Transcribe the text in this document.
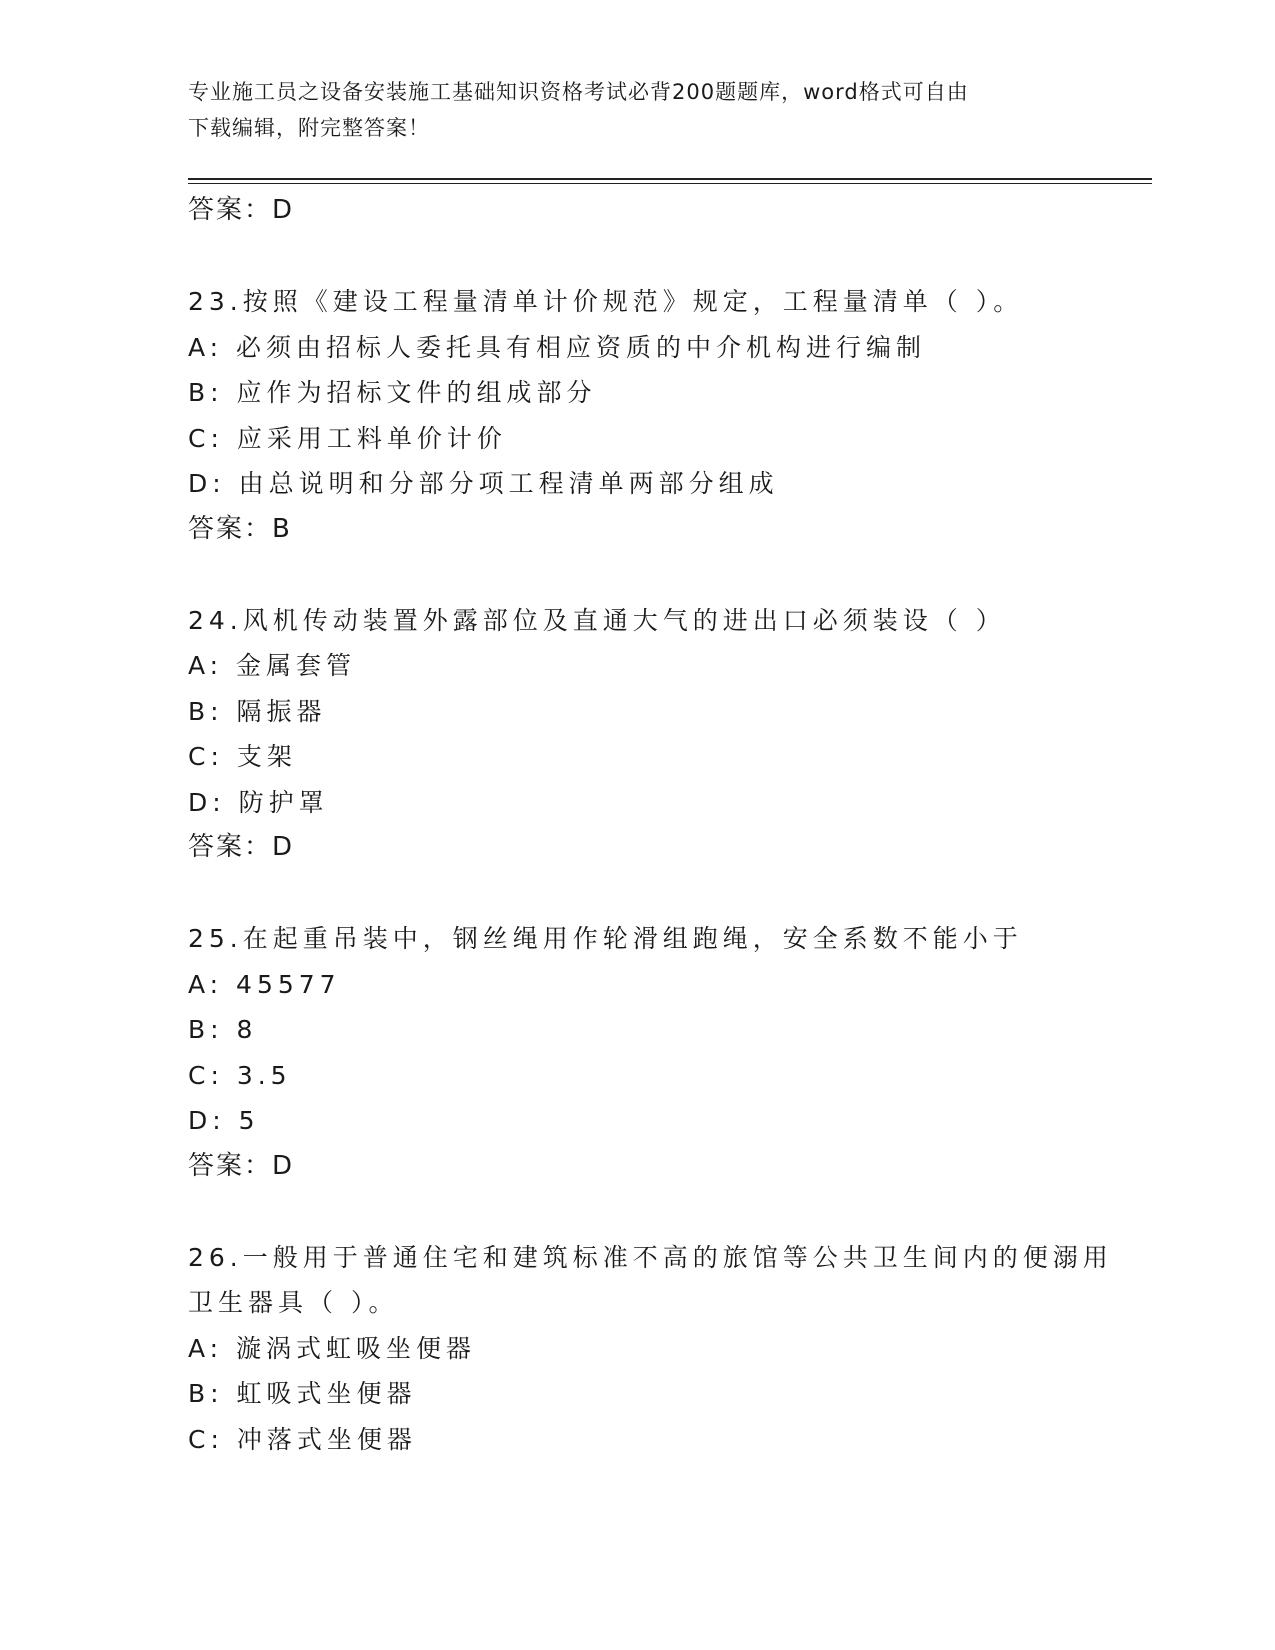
专业施工员之设备安装施工基础知识资格考试必背200题题库，word格式可自由
下载编辑，附完整答案！
答案：D
23.按照《建设工程量清单计价规范》规定，工程量清单（ ）。
A: 必须由招标人委托具有相应资质的中介机构进行编制
B: 应作为招标文件的组成部分
C: 应采用工料单价计价
D: 由总说明和分部分项工程清单两部分组成
答案：B
24.风机传动装置外露部位及直通大气的进出口必须装设（ ）
A: 金属套管
B: 隔振器
C: 支架
D: 防护罩
答案：D
25.在起重吊装中，钢丝绳用作轮滑组跑绳，安全系数不能小于
A: 45577
B: 8
C: 3.5
D: 5
答案：D
26.一般用于普通住宅和建筑标准不高的旅馆等公共卫生间内的便溺用
卫生器具（ ）。
A: 漩涡式虹吸坐便器
B: 虹吸式坐便器
C: 冲落式坐便器
